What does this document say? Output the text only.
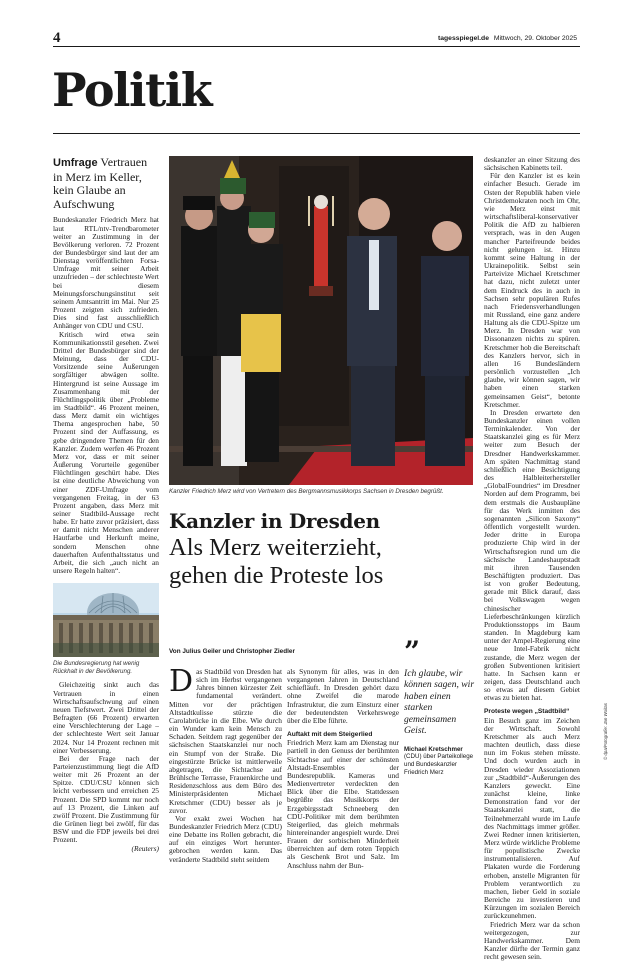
4	tagesspiegel.de Mittwoch, 29. Oktober 2025
Politik
Umfrage Vertrauen in Merz im Keller, kein Glaube an Aufschwung
Bundeskanzler Friedrich Merz hat laut RTL/ntv-Trendbarometer weiter an Zustimmung in der Bevölkerung verloren. 72 Prozent der Bundesbürger sind laut der am Dienstag veröffentlichten Forsa-Umfrage mit seiner Arbeit unzufrieden – der schlechteste Wert bei diesem Meinungsforschungsinstitut seit seinem Amtsantritt im Mai. Nur 25 Prozent zeigten sich zufrieden. Dies sind fast ausschließlich Anhänger von CDU und CSU.
Kritisch wird etwa sein Kommunikationsstil gesehen. Zwei Drittel der Bundesbürger sind der Meinung, dass der CDU-Vorsitzende seine Äußerungen sorgfältiger abwägen sollte. Hintergrund ist seine Aussage im Zusammenhang mit der Flüchtlingspolitik über „Probleme im Stadtbild“. 46 Prozent meinen, dass Merz damit ein wichtiges Thema angesprochen habe, 50 Prozent sind der Auffassung, es gebe dringendere Themen für den Kanzler. Zudem werfen 46 Prozent Merz vor, dass er mit seiner Äußerung Vorurteile gegenüber Flüchtlingen geschürt habe. Dies ist eine deutliche Abweichung von einer ZDF-Umfrage vom vergangenen Freitag, in der 63 Prozent angaben, dass Merz mit seiner Stadtbild-Aussage recht habe. Er hatte zuvor präzisiert, dass er damit nicht Menschen anderer Hautfarbe und Herkunft meine, sondern Menschen ohne dauerhaften Aufenthaltsstatus und Arbeit, die sich „auch nicht an unsere Regeln halten“.
Die Bundesregierung hat wenig Rückhalt in der Bevölkerung.
Gleichzeitig sinkt auch das Vertrauen in einen Wirtschaftsaufschwung auf einen neuen Tiefstwert. Zwei Drittel der Befragten (66 Prozent) erwarten eine Verschlechterung der Lage – der schlechteste Wert seit Januar 2024. Nur 14 Prozent rechnen mit einer Verbesserung.
Bei der Frage nach der Parteienzustimmung liegt die AfD weiter mit 26 Prozent an der Spitze. CDU/CSU können sich leicht verbessern und erreichen 25 Prozent. Die SPD kommt nur noch auf 13 Prozent, die Linken auf zwölf Prozent. Die Zustimmung für die Grünen liegt bei zwölf, für das BSW und die FDP jeweils bei drei Prozent.
(Reuters)
Kanzler Friedrich Merz wird von Vertretern des Bergmannsmusikkorps Sachsen in Dresden begrüßt.
© dpa/Fotografie: Jan Woitas
Kanzler in Dresden
Als Merz weiterzieht,
gehen die Proteste los
Von Julius Geiler und Christopher Ziedler
D as Stadtbild von Dresden hat sich im Herbst vergangenen Jahres binnen kürzester Zeit fundamental verändert. Mitten vor der prächtigen Altstadtkulisse stürzte die Carolabrücke in die Elbe. Wie durch ein Wunder kam kein Mensch zu Schaden. Seitdem ragt gegenüber der sächsischen Staatskanzlei nur noch ein Stumpf von der Straße. Die eingestürzte Brücke ist mittlerweile abgetragen, die Sichtachse auf Brühlsche Terrasse, Frauenkirche und Residenzschloss aus dem Büro des Ministerpräsidenten Michael Kretschmer (CDU) besser als je zuvor.
Vor exakt zwei Wochen hat Bundeskanzler Friedrich Merz (CDU) eine Debatte ins Rollen gebracht, die auf ein einziges Wort heruntergebrochen werden kann. Das veränderte Stadtbild steht seitdem
als Synonym für alles, was in den vergangenen Jahren in Deutschland schiefläuft. In Dresden gehört dazu ohne Zweifel die marode Infrastruktur, die zum Einsturz einer der bedeutendsten Verkehrswege über die Elbe führte.
Auftakt mit dem Steigerlied
Friedrich Merz kam am Dienstag nur partiell in den Genuss der berühmten Sichtachse auf einer der schönsten Altstadt-Ensembles der Bundesrepublik. Kameras und Medienvertreter verdeckten den Blick über die Elbe. Stattdessen begrüßte das Musikkorps der Erzgebirgsstadt Schneeberg den CDU-Politiker mit dem berühmten Steigerlied, das gleich mehrmals hintereinander angespielt wurde. Drei Frauen der sorbischen Minderheit überreichten auf dem roten Teppich als Geschenk Brot und Salz. Im Anschluss nahm der Bun-
”
Ich glaube, wir können sagen, wir haben einen starken gemeinsamen Geist.
Michael Kretschmer
(CDU) über Parteikollege und Bundeskanzler Friedrich Merz
deskanzler an einer Sitzung des sächsischen Kabinetts teil.
Für den Kanzler ist es kein einfacher Besuch. Gerade im Osten der Republik haben viele Christdemokraten noch im Ohr, wie Merz einst mit wirtschaftsliberal-konservativer Politik die AfD zu halbieren versprach, was in den Augen mancher Parteifreunde beides nicht gelungen ist. Hinzu kommt seine Haltung in der Ukrainepolitik. Selbst sein Parteivize Michael Kretschmer hat dazu, nicht zuletzt unter dem Eindruck des in auch in Sachsen sehr populären Rufes nach Friedensverhandlungen mit Russland, eine ganz andere Haltung als die CDU-Spitze um Merz. In Dresden war von Dissonanzen nichts zu spüren. Kretschmer hob die Bereitschaft des Kanzlers hervor, sich in allen 16 Bundesländern persönlich vorzustellen „Ich glaube, wir können sagen, wir haben einen starken gemeinsamen Geist“, betonte Kretschmer.
In Dresden erwartete den Bundeskanzler einen vollen Terminkalender. Von der Staatskanzlei ging es für Merz weiter zum Besuch der Dresdner Handwerkskammer. Am späten Nachmittag stand schließlich eine Besichtigung des Halbleiterhersteller „GlobalFoundries“ im Dresdner Norden auf dem Programm, bei dem erstmals die Ausbaupläne für das Werk inmitten des sogenannten „Silicon Saxony“ öffentlich vorgestellt wurden. Jeder dritte in Europa produzierte Chip wird in der Wirtschaftsregion rund um die sächsische Landeshauptstadt mit ihren Tausenden Beschäftigten produziert. Das ist von großer Bedeutung, gerade mit Blick darauf, dass bei Volkswagen wegen chinesischer Lieferbeschränkungen kürzlich Produktionsstopps im Baum standen. In Magdeburg kam unter der Ampel-Regierung eine neue Intel-Fabrik nicht zustande, die Merz wegen der großen Subventionen kritisiert hatte. In Sachsen kann er zeigen, dass Deutschland auch so etwas auf diesem Gebiet etwas zu bieten hat.
Proteste wegen „Stadtbild“
Ein Besuch ganz im Zeichen der Wirtschaft. Sowohl Kretschmer als auch Merz machten deutlich, dass diese nun im Fokus stehen müsste. Und doch wurden auch in Dresden wieder Assoziationen zur „Stadtbild“-Äußerungen des Kanzlers geweckt. Eine zunächst kleine, linke Demonstration fand vor der Staatskanzlei statt, die Teilnehmerzahl wurde im Laufe des Nachmittags immer größer. Zwei Redner innen kritisierten, Merz würde wirkliche Probleme für populistische Zwecke instrumentalisieren. Auf Plakaten wurde die Forderung erhoben, anstelle Migranten für Problem verantwortlich zu machen, lieber Geld in soziale Bereiche zu investieren und Kürzungen im sozialen Bereich zurückzunehmen.
Friedrich Merz war da schon weitergezogen, zur Handwerkskammer. Dem Kanzler dürfte der Termin ganz recht gewesen sein.
